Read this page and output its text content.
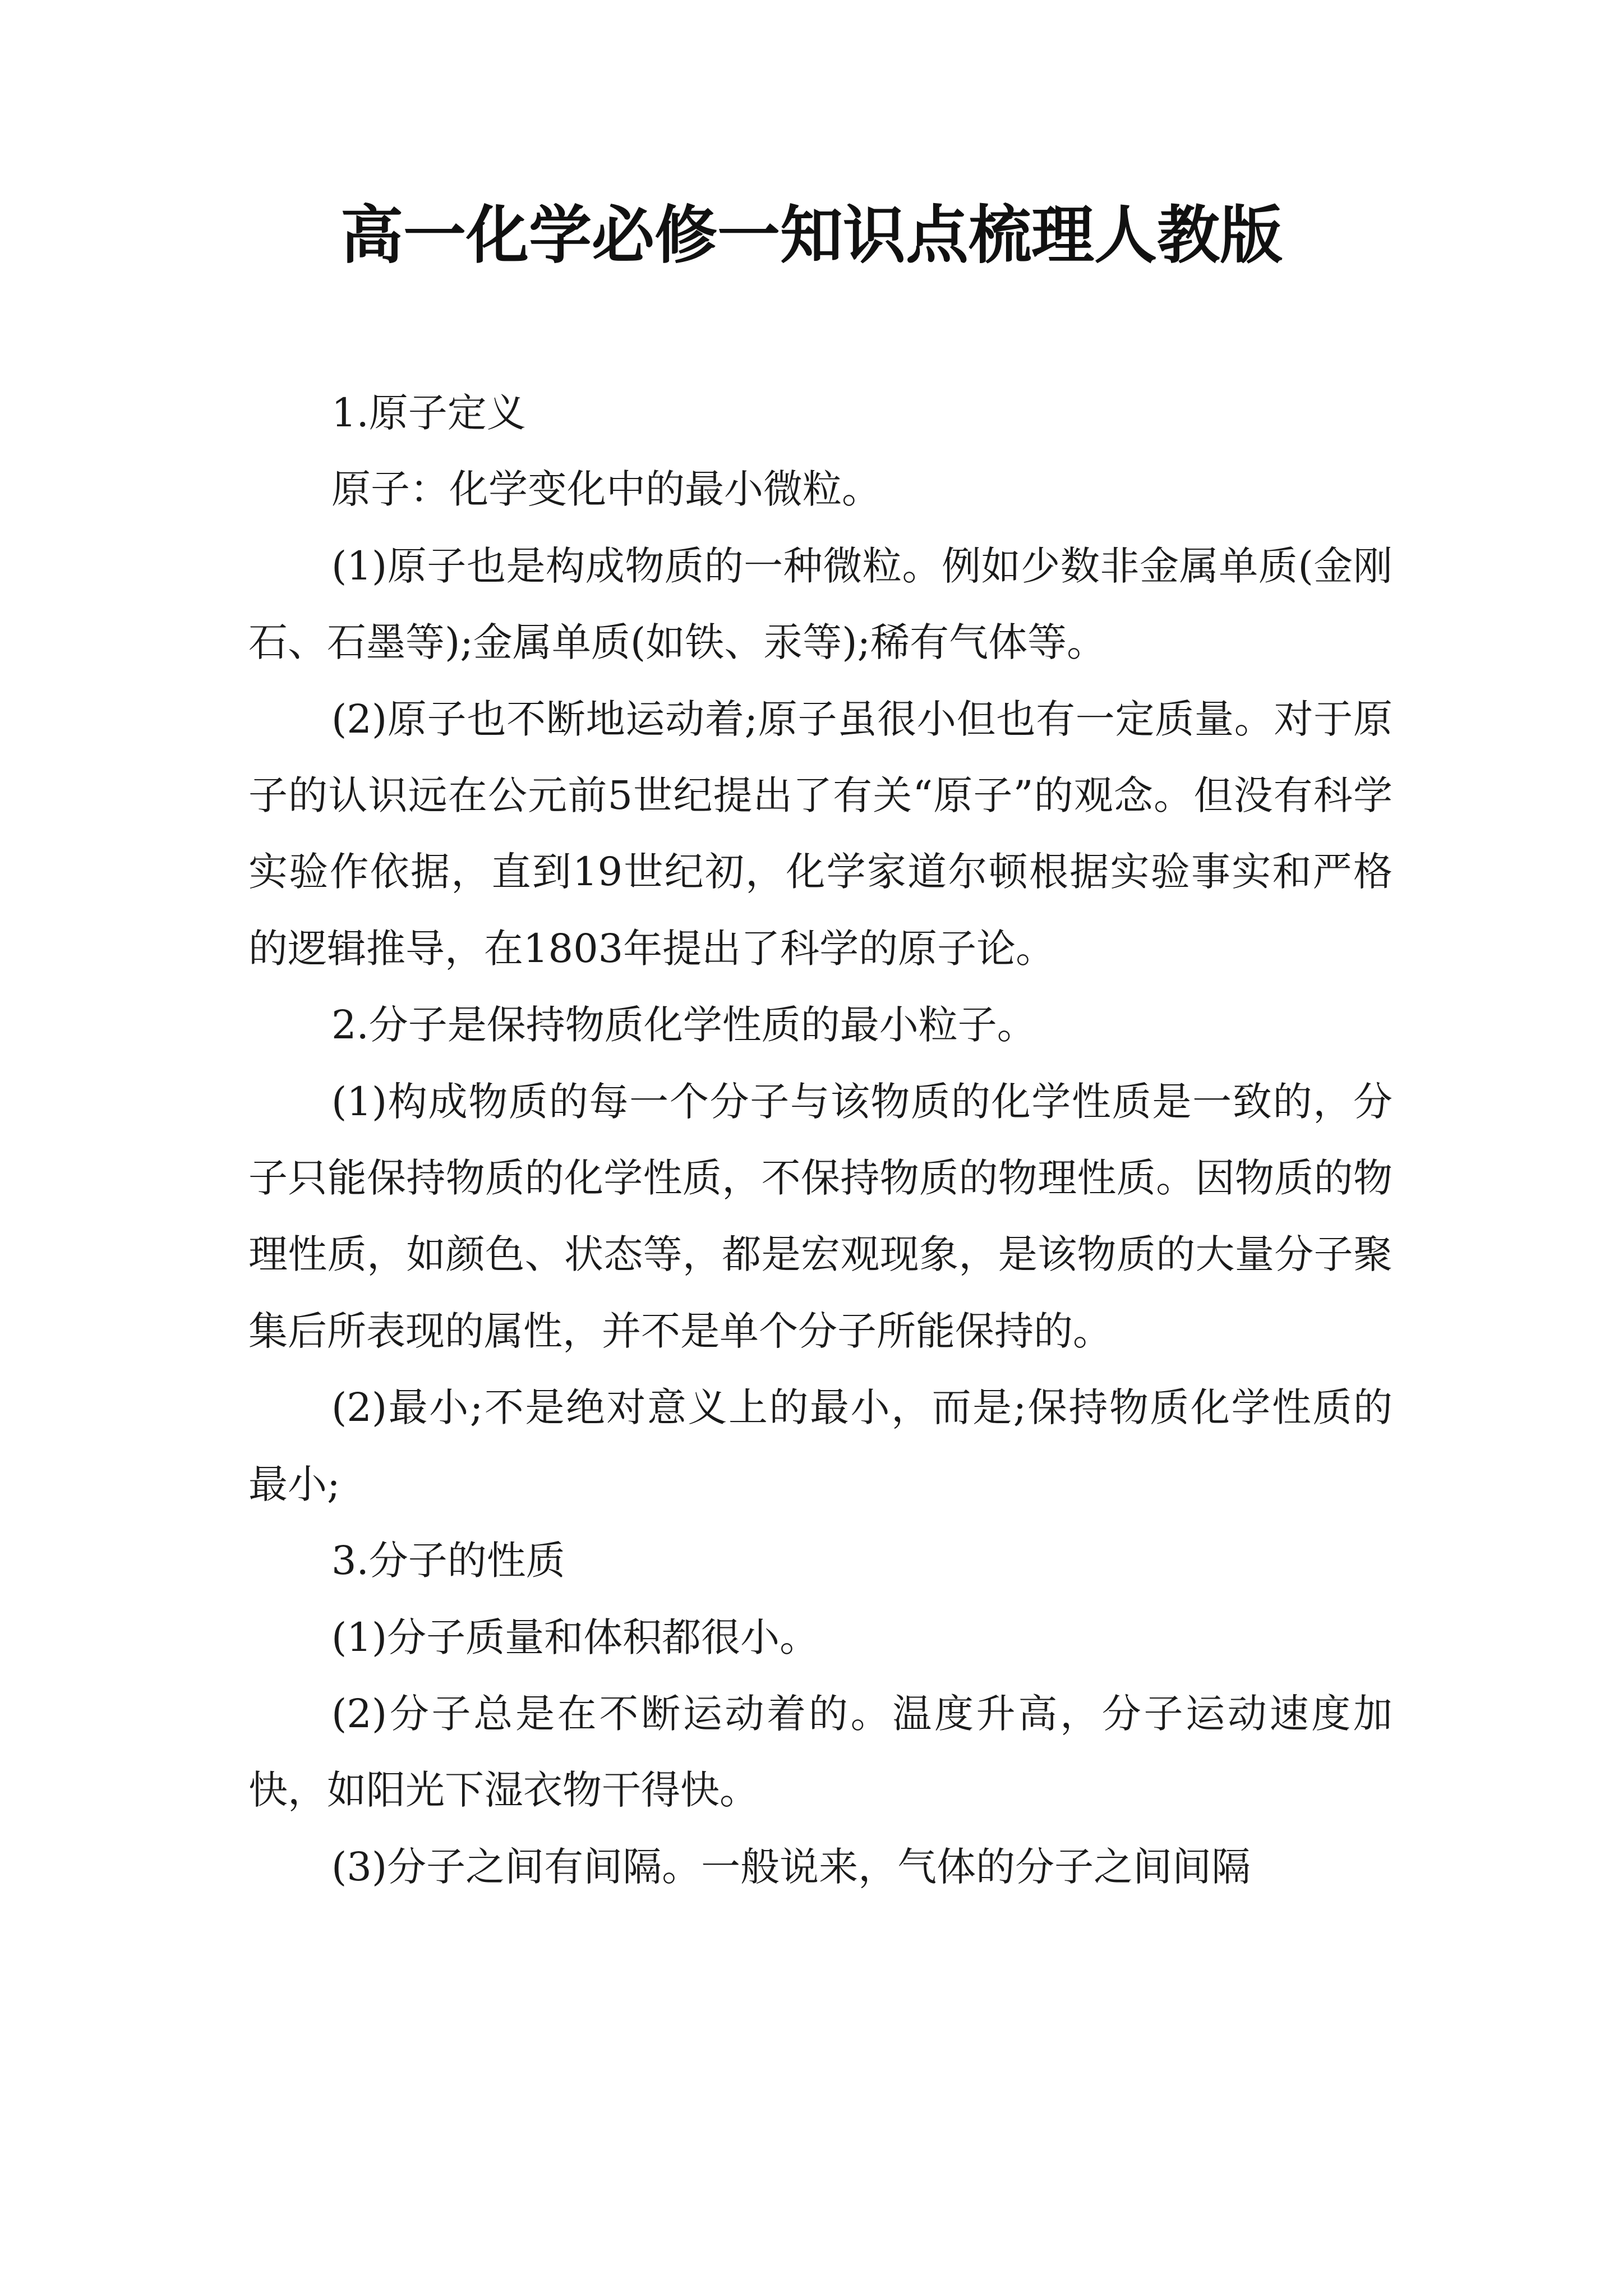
高一化学必修一知识点梳理人教版

1.原子定义

原子：化学变化中的最小微粒。

(1)原子也是构成物质的一种微粒。例如少数非金属单质(金刚石、石墨等);金属单质(如铁、汞等);稀有气体等。

(2)原子也不断地运动着;原子虽很小但也有一定质量。对于原子的认识远在公元前5世纪提出了有关“原子”的观念。但没有科学实验作依据，直到19世纪初，化学家道尔顿根据实验事实和严格的逻辑推导，在1803年提出了科学的原子论。

2.分子是保持物质化学性质的最小粒子。

(1)构成物质的每一个分子与该物质的化学性质是一致的，分子只能保持物质的化学性质，不保持物质的物理性质。因物质的物理性质，如颜色、状态等，都是宏观现象，是该物质的大量分子聚集后所表现的属性，并不是单个分子所能保持的。

(2)最小;不是绝对意义上的最小，而是;保持物质化学性质的最小;

3.分子的性质

(1)分子质量和体积都很小。

(2)分子总是在不断运动着的。温度升高，分子运动速度加快，如阳光下湿衣物干得快。

(3)分子之间有间隔。一般说来，气体的分子之间间隔
